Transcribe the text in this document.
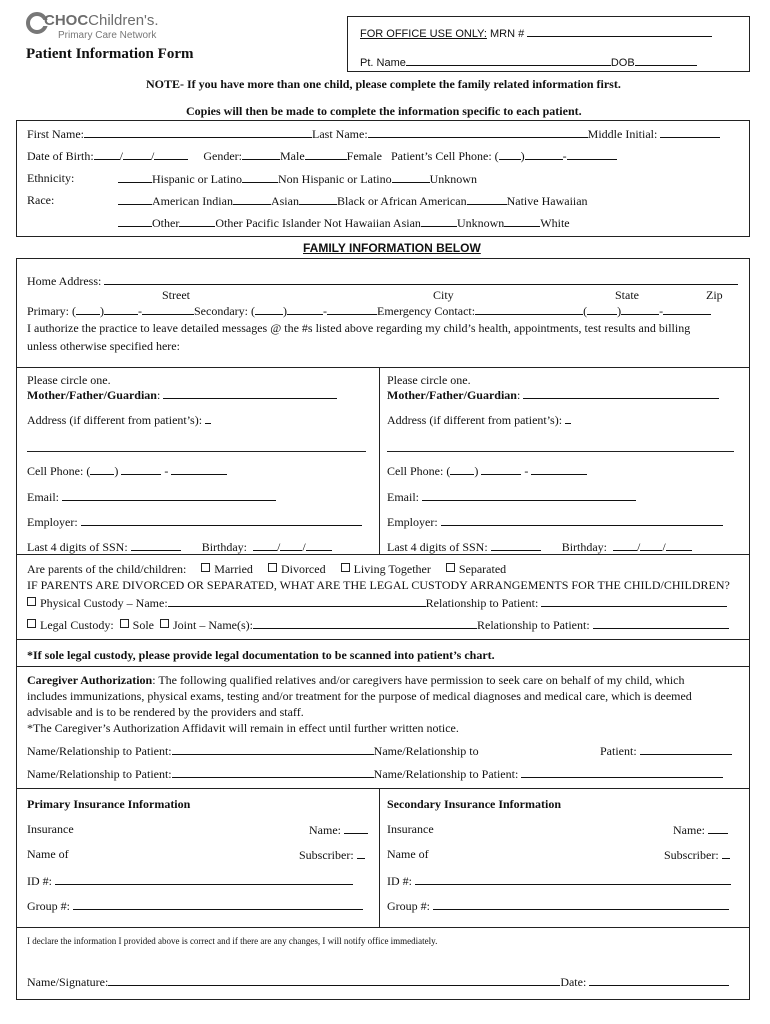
CHOCChildren's.
Primary Care Network
Patient Information Form
FOR OFFICE USE ONLY: MRN #
Pt. Name	DOB
NOTE- If you have more than one child, please complete the family related information first.
Copies will then be made to complete the information specific to each patient.
First Name:	Last Name:	Middle Initial:
Date of Birth: / /	Gender:	Male	Female Patient’s Cell Phone: ( )	-
Ethnicity:	Hispanic or Latino	Non Hispanic or Latino	Unknown
Race:	American Indian	Asian	Black or African American	Native Hawaiian
Other	Other Pacific Islander Not Hawaiian Asian	Unknown	White
FAMILY INFORMATION BELOW
Home Address:
Street	City	State	Zip
Primary: ( )	-	Secondary: ( )	-	Emergency Contact:	(	)	-
I authorize the practice to leave detailed messages @ the #s listed above regarding my child’s health, appointments, test results and billing
unless otherwise specified here:
Please circle one.
Mother/Father/Guardian:
Address (if different from patient’s):
Cell Phone: ( )	-
Email:
Employer:
Last 4 digits of SSN:	Birthday:	/ /
Please circle one.
Mother/Father/Guardian:
Address (if different from patient’s):
Cell Phone: ( )	-
Email:
Employer:
Last 4 digits of SSN:	Birthday:	/ /
Are parents of the child/children: Married Divorced Living Together Separated
IF PARENTS ARE DIVORCED OR SEPARATED, WHAT ARE THE LEGAL CUSTODY ARRANGEMENTS FOR THE CHILD/CHILDREN?
Physical Custody – Name:	Relationship to Patient:
Legal Custody: Sole Joint – Name(s):	Relationship to Patient:
*If sole legal custody, please provide legal documentation to be scanned into patient’s chart.
Caregiver Authorization: The following qualified relatives and/or caregivers have permission to seek care on behalf of my child, which
includes immunizations, physical exams, testing and/or treatment for the purpose of medical diagnoses and medical care, which is deemed
advisable and is to be rendered by the providers and staff.
*The Caregiver’s Authorization Affidavit will remain in effect until further written notice.
Name/Relationship to Patient:	Name/Relationship to	Patient:
Name/Relationship to Patient:	Name/Relationship to Patient:
Primary Insurance Information	Secondary Insurance Information
Insurance	Name:
Name of	Subscriber:
ID #:
Group #:
Insurance	Name:
Name of	Subscriber:
ID #:
Group #:
I declare the information I provided above is correct and if there are any changes, I will notify office immediately.
Name/Signature:	Date:
